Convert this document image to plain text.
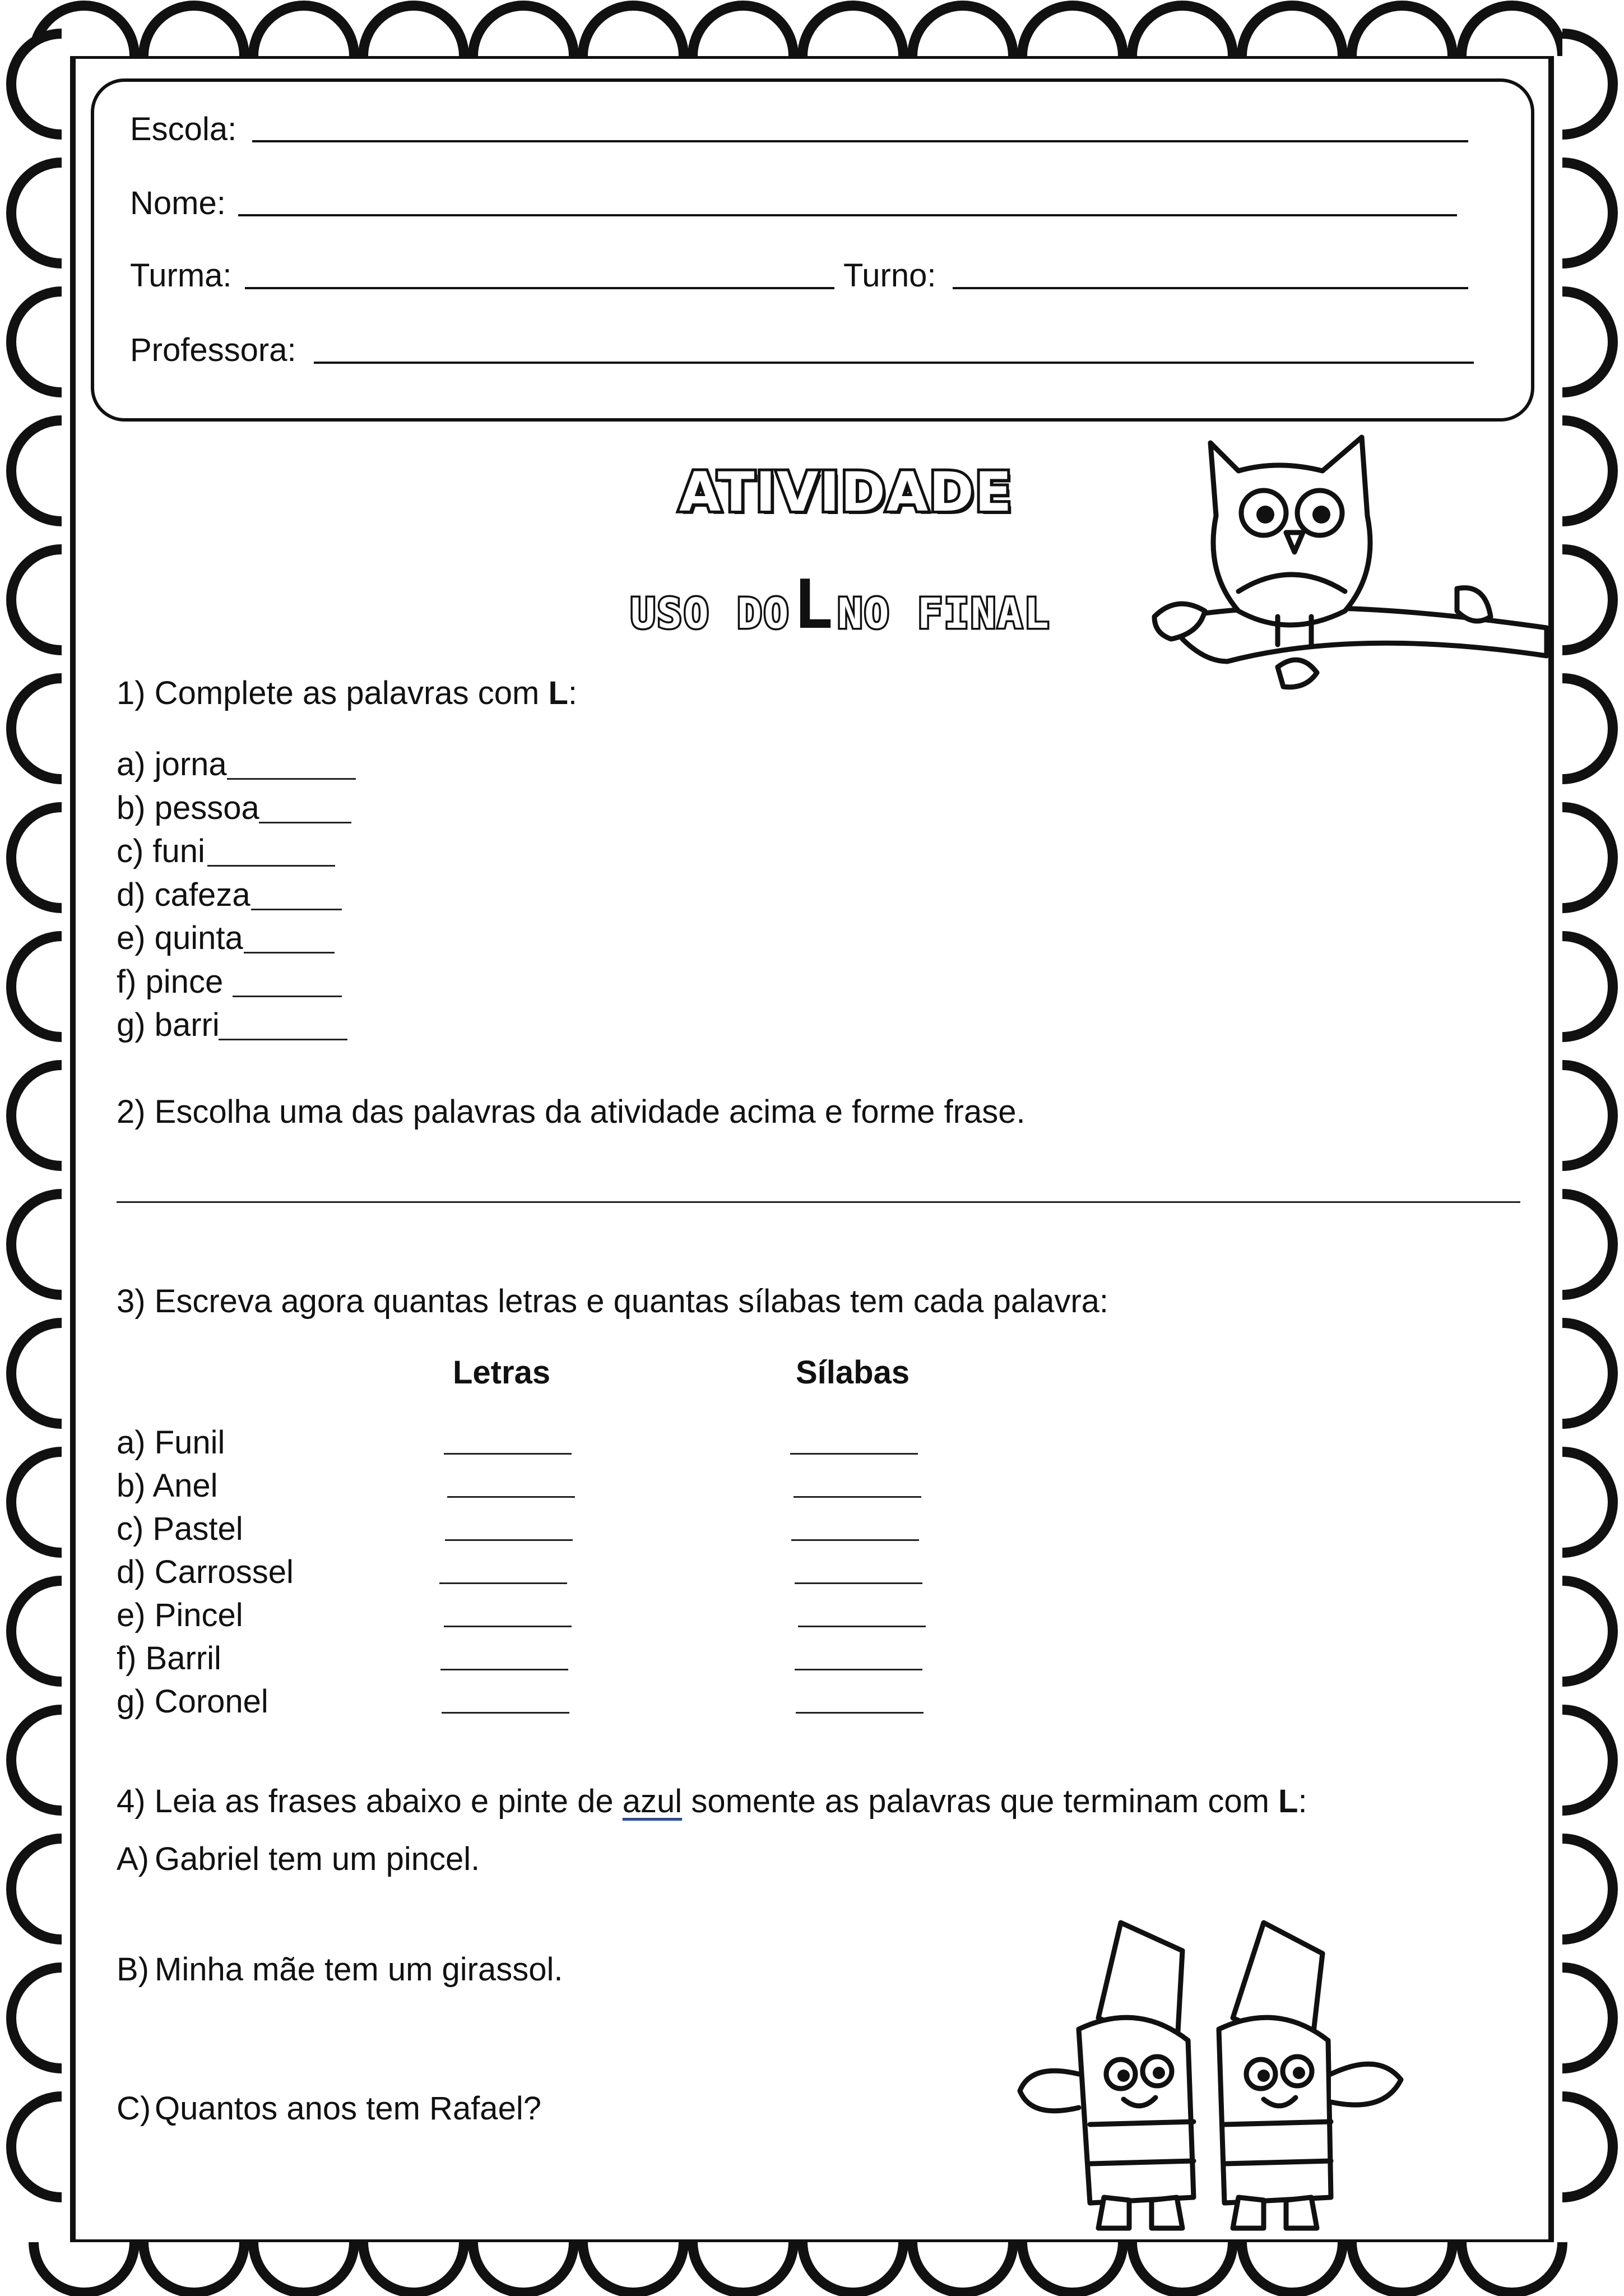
Escola:
Nome:
Turma:	Turno:
Professora:
ATIVIDADE
USO DO L NO FINAL
1) Complete as palavras com L:
a) jorna
b) pessoa
c) funi
d) cafeza
e) quinta
f) pince
g) barri
2) Escolha uma das palavras da atividade acima e forme frase.
3) Escreva agora quantas letras e quantas sílabas tem cada palavra:
Letras	Sílabas
a) Funil
b) Anel
c) Pastel
d) Carrossel
e) Pincel
f) Barril
g) Coronel
4) Leia as frases abaixo e pinte de azul somente as palavras que terminam com L:
A) Gabriel tem um pincel.
B) Minha mãe tem um girassol.
C) Quantos anos tem Rafael?
